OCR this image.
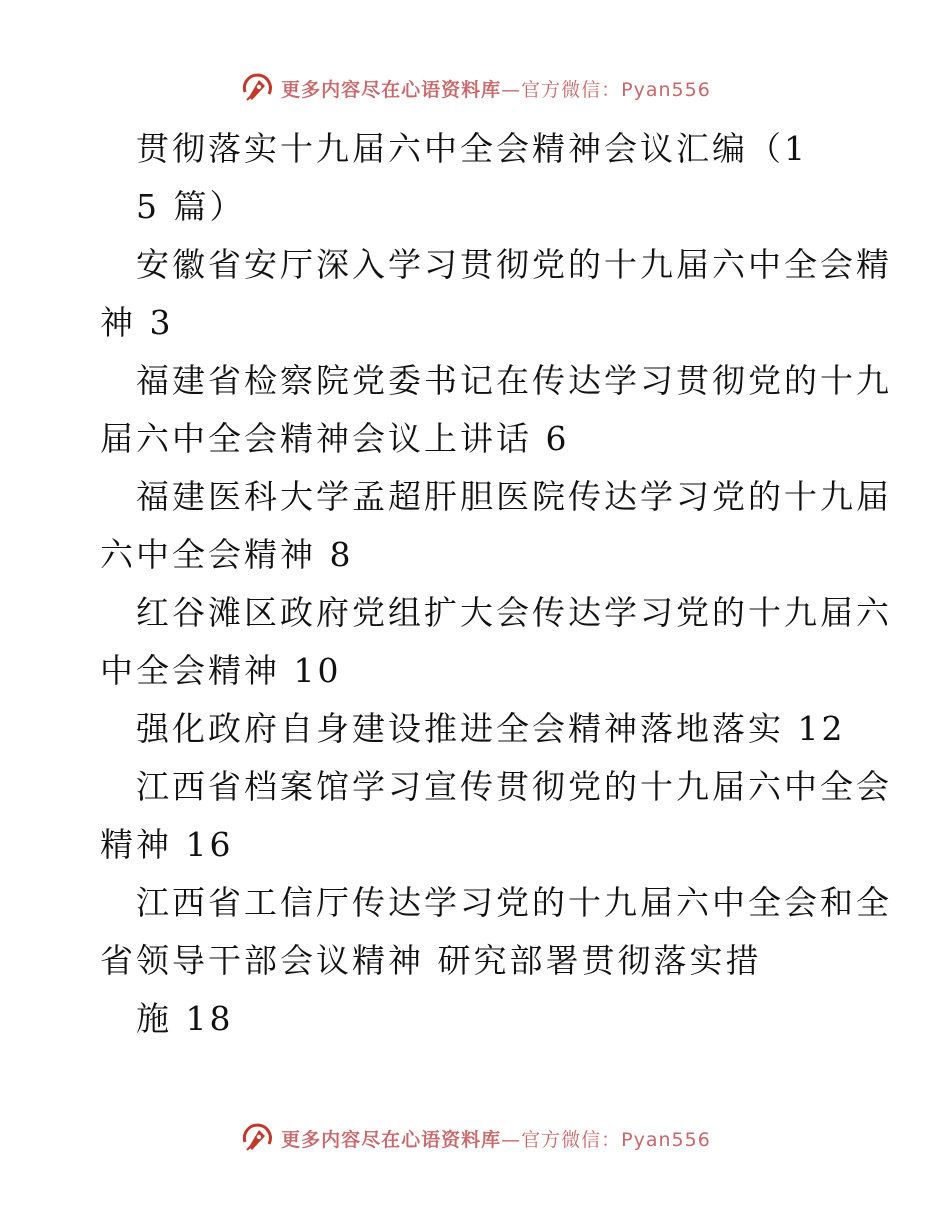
更多内容尽在心语资料库—官方微信：Pyan556

贯彻落实十九届六中全会精神会议汇编（1
5 篇）

安徽省安厅深入学习贯彻党的十九届六中全会精
神 3

福建省检察院党委书记在传达学习贯彻党的十九
届六中全会精神会议上讲话 6

福建医科大学孟超肝胆医院传达学习党的十九届
六中全会精神 8

红谷滩区政府党组扩大会传达学习党的十九届六
中全会精神 10

强化政府自身建设推进全会精神落地落实 12

江西省档案馆学习宣传贯彻党的十九届六中全会
精神 16

江西省工信厅传达学习党的十九届六中全会和全
省领导干部会议精神 研究部署贯彻落实措
施 18

更多内容尽在心语资料库—官方微信：Pyan556
